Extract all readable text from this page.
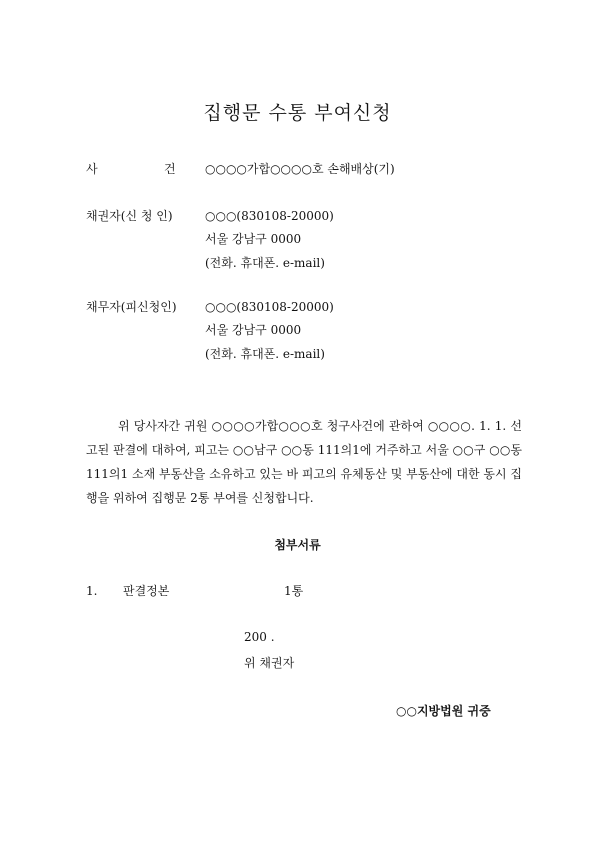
집행문 수통 부여신청
사	건 ○○○○가합○○○○호 손해배상(기)
채권자(신 청 인)	○○○(830108-20000)
서울 강남구 0000
(전화. 휴대폰. e-mail)
채무자(피신청인) ○○○(830108-20000)
서울 강남구 0000
(전화. 휴대폰. e-mail)
위 당사자간 귀원 ○○○○가합○○○호 청구사건에 관하여 ○○○○. 1. 1. 선고된 판결에 대하여, 피고는 ○○남구 ○○동 111의1에 거주하고 서울 ○○구 ○○동 111의1 소재 부동산을 소유하고 있는 바 피고의 유체동산 및 부동산에 대한 동시 집행을 위하여 집행문 2통 부여를 신청합니다.
첨부서류
1. 판결정본	1통
200 .
위 채권자
○○지방법원 귀중
